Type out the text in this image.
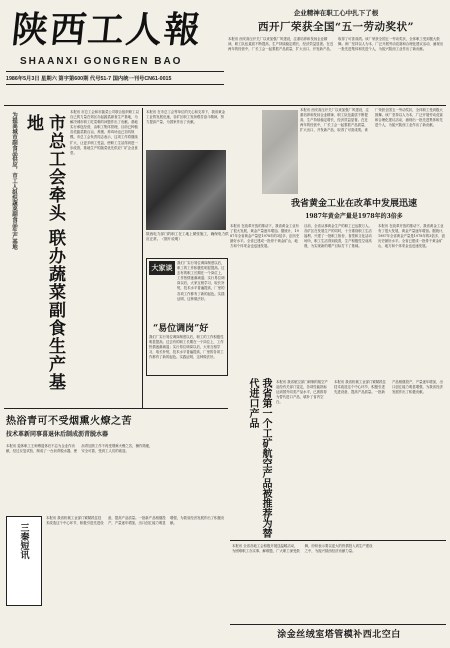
陕西工人報
SHAANXI GONGREN BAO
1986年5月3日 星期六 第字第600期 代号51-7 国内统一刊号CN61-0015
企业精神在职工心中扎下了根
西开厂荣获全国“五一劳动奖状”
本报讯 西安高压开关厂以来加强厂风建设，注重培养和发扬企业精神，职工队伍素质不断提高，生产持续稳定增长，经济效益显著。在近两年的经营中，厂长工会一起狠抓产品质量，扩大出口，开发新产品，取得了可喜成绩。该厂荣获全国五一劳动奖状，全体职工受到极大鼓舞。该厂坚持以人为本，广泛开展劳动竞赛和合理化建议活动，涌现出一批先进集体和先进个人，为振兴陕西工业作出了新贡献。
为提高城市副食品供应，市工人组织蔬菜副食品生产基地	市总工会牵头 联办蔬菜副食生产基地
本报讯 市总工会和市蔬菜公司联合组织职工以自己的力量在郊区办起蔬菜副食生产基地，为解决城市职工吃菜难的问题作出了贡献。基地实行承包经营，由职工集体管理，目前已种植各类蔬菜数百亩，养猪、养鸡场也已初具规模。市总工会负责同志表示，这项工作将继续扩大，让更多职工受益，使职工生活得到进一步改善，基地生产的蔬菜优先供应厂矿企业食堂。
本报讯 在市总工会等单位的关心和支持下，我省黄金工业的发展迅速，各矿区职工发扬艰苦奋斗精神，努力提高产量，为国家作出了贡献。
陕西电力部门的职工在工地上紧张施工，确保电力供应正常。（图片说明）
我省黄金工业在改革中发展迅速
1987年黄金产量是1978年的3倍多
本报讯 西安高压开关厂以来加强厂风建设，注重培养和发扬企业精神，职工队伍素质不断提高，生产持续稳定增长，经济效益显著。在近两年的经营中，厂长工会一起狠抓产品质量，扩大出口，开发新产品，取得了可喜成绩。该厂荣获全国五一劳动奖状，全体职工受到极大鼓舞。该厂坚持以人为本，广泛开展劳动竞赛和合理化建议活动，涌现出一批先进集体和先进个人，为振兴陕西工业作出了新贡献。
本报讯 在改革开放的推动下，我省黄金工业有了很大发展，黄金产量逐年增加。据统计，1987年全省黄金产量是1978年的3倍多，创历史最好水平。全省已建成一批骨干黄金矿山，地方和个体采金也迅速发展。
目前，全省从事黄金生产的职工已达数万人。各矿区在发展生产的同时，十分重视职工生活福利，兴建了一批职工宿舍、食堂和文化活动场所，职工生活得到改善，生产积极性空前高涨，为实现新的增产目标打下了基础。
本报讯 在改革开放的推动下，我省黄金工业有了很大发展，黄金产量逐年增加。据统计，1987年全省黄金产量是1978年的3倍多，创历史最好水平。全省已建成一批骨干黄金矿山，地方和个体采金也迅速发展。
大家谈	我们厂实行易位调岗制度以后，职工的工作积极性明显提高。过去有的职工长期在一个岗位上，工作热情逐渐减退；实行易位调岗以后，大家互相学习，取长补短，技术水平普遍提高，厂里的各项工作都有了新的起色。实践证明，这种做法好。
“易位调岗”好
我们厂实行易位调岗制度以后，职工的工作积极性明显提高。过去有的职工长期在一个岗位上，工作热情逐渐减退；实行易位调岗以后，大家互相学习，取长补短，技术水平普遍提高，厂里的各项工作都有了新的起色。实践证明，这种做法好。
热浴青可不受烟熏火燎之苦
技术革新同事喜退休后制成沥青脱水器
本报讯 退休职工王师傅退休后不忘为企业作贡献，经过反复试验，制成了一台沥青脱水器，使沥青加热工作不再受烟熏火燎之苦，操作简便，安全可靠，受到工人们的欢迎。
三秦短讯
本报讯 我省机械工业部门紧紧抓住技术改造这个中心环节，积极引进先进设备，提高产品质量。一批新产品相继投产，产量逐年增加，出口创汇能力明显增强，为我省经济发展作出了积极贡献。	我省第一个工矿航空产品被推荐为替代进口产品	本报讯 我省航空部门研制的航空产品经有关部门鉴定，各项性能指标达到国外同类产品水平，已被推荐为替代进口产品，填补了省内空白。
本报讯 我省机械工业部门紧紧抓住技术改造这个中心环节，积极引进先进设备，提高产品质量。一批新产品相继投产，产量逐年增加，出口创汇能力明显增强，为我省经济发展作出了积极贡献。
本报讯 全省各地工会积极开展送温暖活动，为困难职工办实事、解难题，广大职工深受鼓舞，纷纷表示要以更大的热情投入到生产建设之中，为振兴陕西经济贡献力量。
涂金丝绒室塔管模补西北空白
